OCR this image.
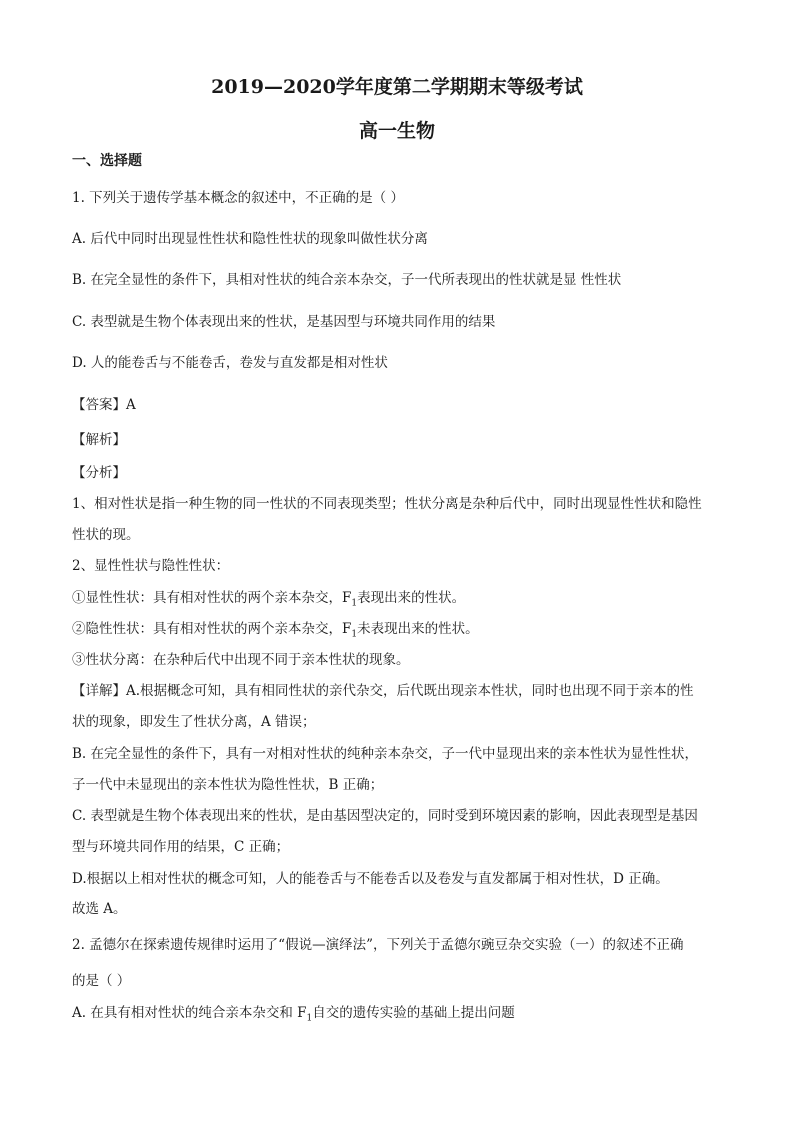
2019—2020学年度第二学期期末等级考试
高一生物
一、选择题
1. 下列关于遗传学基本概念的叙述中，不正确的是（ ）
A. 后代中同时出现显性性状和隐性性状的现象叫做性状分离
B. 在完全显性的条件下，具相对性状的纯合亲本杂交，子一代所表现出的性状就是显 性性状
C. 表型就是生物个体表现出来的性状，是基因型与环境共同作用的结果
D. 人的能卷舌与不能卷舌，卷发与直发都是相对性状
【答案】A
【解析】
【分析】
1、相对性状是指一种生物的同一性状的不同表现类型；性状分离是杂种后代中，同时出现显性性状和隐性
性状的现。
2、显性性状与隐性性状：
①显性性状：具有相对性状的两个亲本杂交，$F_1$表现出来的性状。
②隐性性状：具有相对性状的两个亲本杂交，$F_1$未表现出来的性状。
③性状分离：在杂种后代中出现不同于亲本性状的现象。
【详解】A.根据概念可知，具有相同性状的亲代杂交，后代既出现亲本性状，同时也出现不同于亲本的性
状的现象，即发生了性状分离，A 错误；
B. 在完全显性的条件下，具有一对相对性状的纯种亲本杂交，子一代中显现出来的亲本性状为显性性状，
子一代中未显现出的亲本性状为隐性性状，B 正确；
C. 表型就是生物个体表现出来的性状，是由基因型决定的，同时受到环境因素的影响，因此表现型是基因
型与环境共同作用的结果，C 正确；
D.根据以上相对性状的概念可知，人的能卷舌与不能卷舌以及卷发与直发都属于相对性状，D 正确。
故选 A。
2. 孟德尔在探索遗传规律时运用了“假说—演绎法”，下列关于孟德尔豌豆杂交实验（一）的叙述不正确
的是（ ）
A. 在具有相对性状的纯合亲本杂交和 $F_1$自交的遗传实验的基础上提出问题
